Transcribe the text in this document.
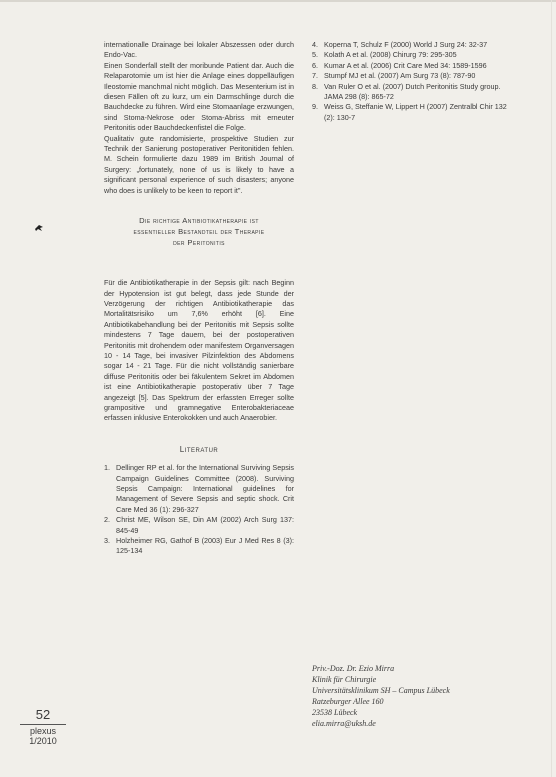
internationalle Drainage bei lokaler Abszessen oder durch Endo-Vac.

Einen Sonderfall stellt der moribunde Patient dar. Auch die Relaparotomie um ist hier die Anlage eines doppelläufigen Ileostomie manchmal nicht möglich. Das Mesenterium ist in diesen Fällen oft zu kurz, um ein Darmschlinge durch die Bauchdecke zu führen. Wird eine Stomaanlage erzwungen, sind Stoma-Nekrose oder Stoma-Abriss mit erneuter Peritonitis oder Bauchdeckenfistel die Folge.

Qualitativ gute randomisierte, prospektive Studien zur Technik der Sanierung postoperativer Peritonitiden fehlen. M. Schein formulierte dazu 1989 im British Journal of Surgery: „fortunately, none of us is likely to have a significant personal experience of such disasters; anyone who does is unlikely to be keen to report it".

Die richtige Antibiotikatherapie ist

essentieller Bestandteil der Therapie

der Peritonitis

Für die Antibiotikatherapie in der Sepsis gilt: nach Beginn der Hypotension ist gut belegt, dass jede Stunde der Verzögerung der richtigen Antibiotikatherapie das Mortalitätsrisiko um 7,6% erhöht [6]. Eine Antibiotikabehandlung bei der Peritonitis mit Sepsis sollte mindestens 7 Tage dauern, bei der postoperativen Peritonitis mit drohendem oder manifestem Organversagen 10 - 14 Tage, bei invasiver Pilzinfektion des Abdomens sogar 14 - 21 Tage. Für die nicht vollständig sanierbare diffuse Peritonitis oder bei fäkulentem Sekret im Abdomen ist eine Antibiotikatherapie postoperativ über 7 Tage angezeigt [5]. Das Spektrum der erfassten Erreger sollte grampositive und gramnegative Enterobakteriaceae erfassen inklusive Enterokokken und auch Anaerobier.

Literatur

1. Dellinger RP et al. for the International Surviving Sepsis Campaign Guidelines Committee (2008). Surviving Sepsis Campaign: International guidelines for Management of Severe Sepsis and septic shock. Crit Care Med 36 (1): 296-327
2. Christ ME, Wilson SE, Din AM (2002) Arch Surg 137: 845-49
3. Holzheimer RG, Gathof B (2003) Eur J Med Res 8 (3): 125-134
4. Koperna T, Schulz F (2000) World J Surg 24: 32-37
5. Kolath A et al. (2008) Chirurg 79: 295-305
6. Kumar A et al. (2006) Crit Care Med 34: 1589-1596
7. Stumpf MJ et al. (2007) Am Surg 73 (8): 787-90
8. Van Ruler O et al. (2007) Dutch Peritonitis Study group. JAMA 298 (8): 865-72
9. Weiss G, Steffanie W, Lippert H (2007) Zentralbl Chir 132 (2): 130-7
Priv.-Doz. Dr. Ezio Mirra
Klinik für Chirurgie
Universitätsklinikum SH – Campus Lübeck
Ratzeburger Allee 160
23538 Lübeck
elia.mirra@uksh.de
52
plexus
1/2010
